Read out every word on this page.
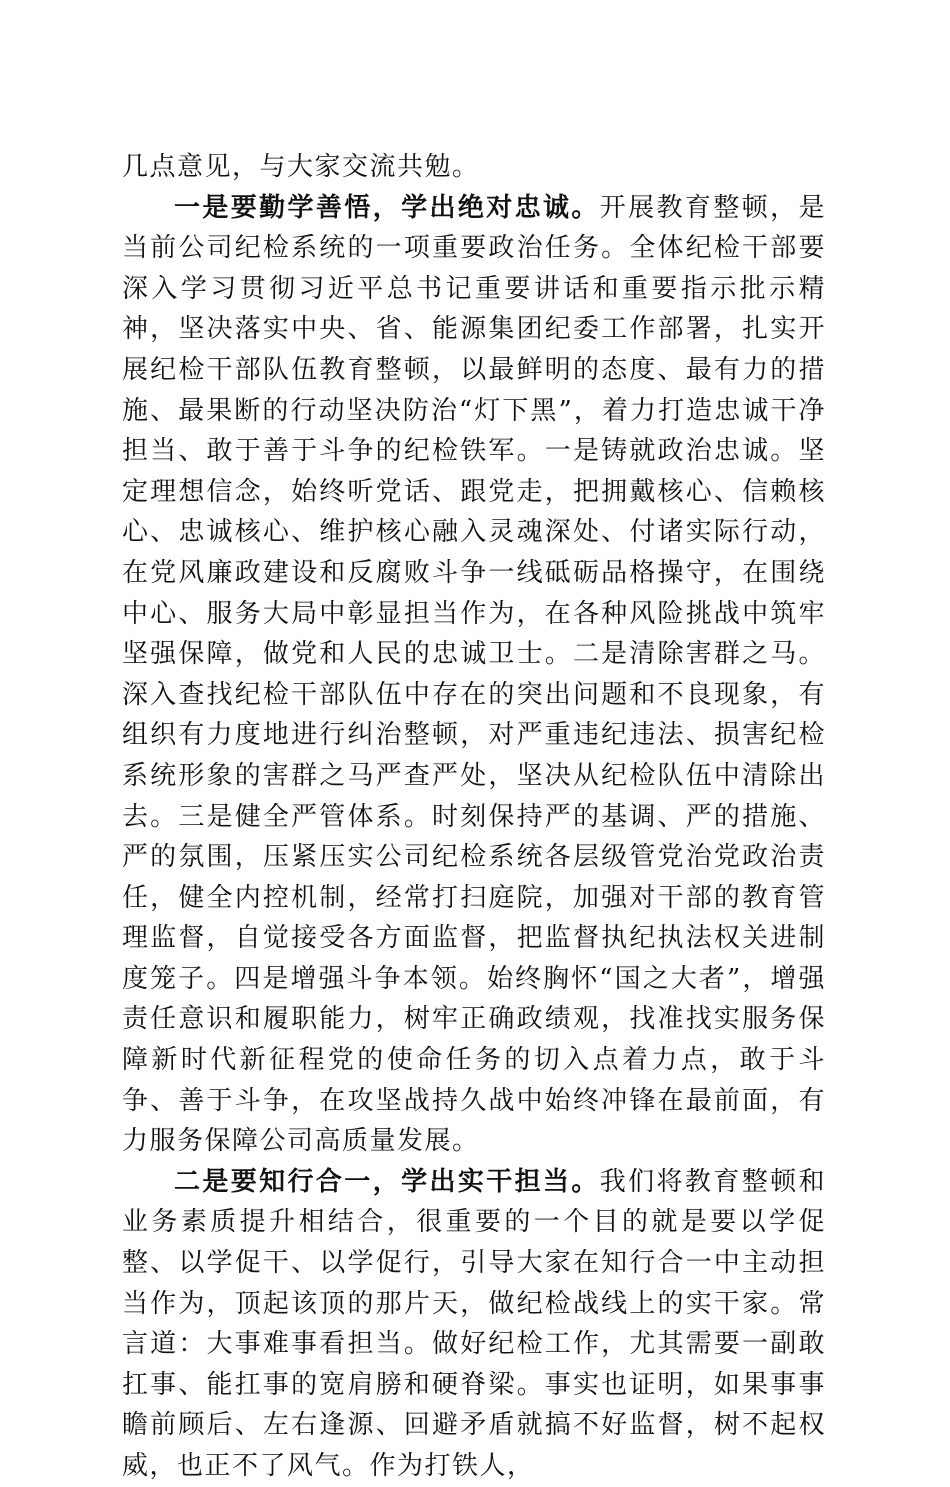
几点意见，与大家交流共勉。

一是要勤学善悟，学出绝对忠诚。开展教育整顿，是当前公司纪检系统的一项重要政治任务。全体纪检干部要深入学习贯彻习近平总书记重要讲话和重要指示批示精神，坚决落实中央、省、能源集团纪委工作部署，扎实开展纪检干部队伍教育整顿，以最鲜明的态度、最有力的措施、最果断的行动坚决防治“灯下黑”，着力打造忠诚干净担当、敢于善于斗争的纪检铁军。一是铸就政治忠诚。坚定理想信念，始终听党话、跟党走，把拥戴核心、信赖核心、忠诚核心、维护核心融入灵魂深处、付诸实际行动，在党风廉政建设和反腐败斗争一线砥砺品格操守，在围绕中心、服务大局中彰显担当作为，在各种风险挑战中筑牢坚强保障，做党和人民的忠诚卫士。二是清除害群之马。深入查找纪检干部队伍中存在的突出问题和不良现象，有组织有力度地进行纠治整顿，对严重违纪违法、损害纪检系统形象的害群之马严查严处，坚决从纪检队伍中清除出去。三是健全严管体系。时刻保持严的基调、严的措施、严的氛围，压紧压实公司纪检系统各层级管党治党政治责任，健全内控机制，经常打扫庭院，加强对干部的教育管理监督，自觉接受各方面监督，把监督执纪执法权关进制度笼子。四是增强斗争本领。始终胸怀“国之大者”，增强责任意识和履职能力，树牢正确政绩观，找准找实服务保障新时代新征程党的使命任务的切入点着力点，敢于斗争、善于斗争，在攻坚战持久战中始终冲锋在最前面，有力服务保障公司高质量发展。

二是要知行合一，学出实干担当。我们将教育整顿和业务素质提升相结合，很重要的一个目的就是要以学促整、以学促干、以学促行，引导大家在知行合一中主动担当作为，顶起该顶的那片天，做纪检战线上的实干家。常言道：大事难事看担当。做好纪检工作，尤其需要一副敢扛事、能扛事的宽肩膀和硬脊梁。事实也证明，如果事事瞻前顾后、左右逢源、回避矛盾就搞不好监督，树不起权威，也正不了风气。作为打铁人，
